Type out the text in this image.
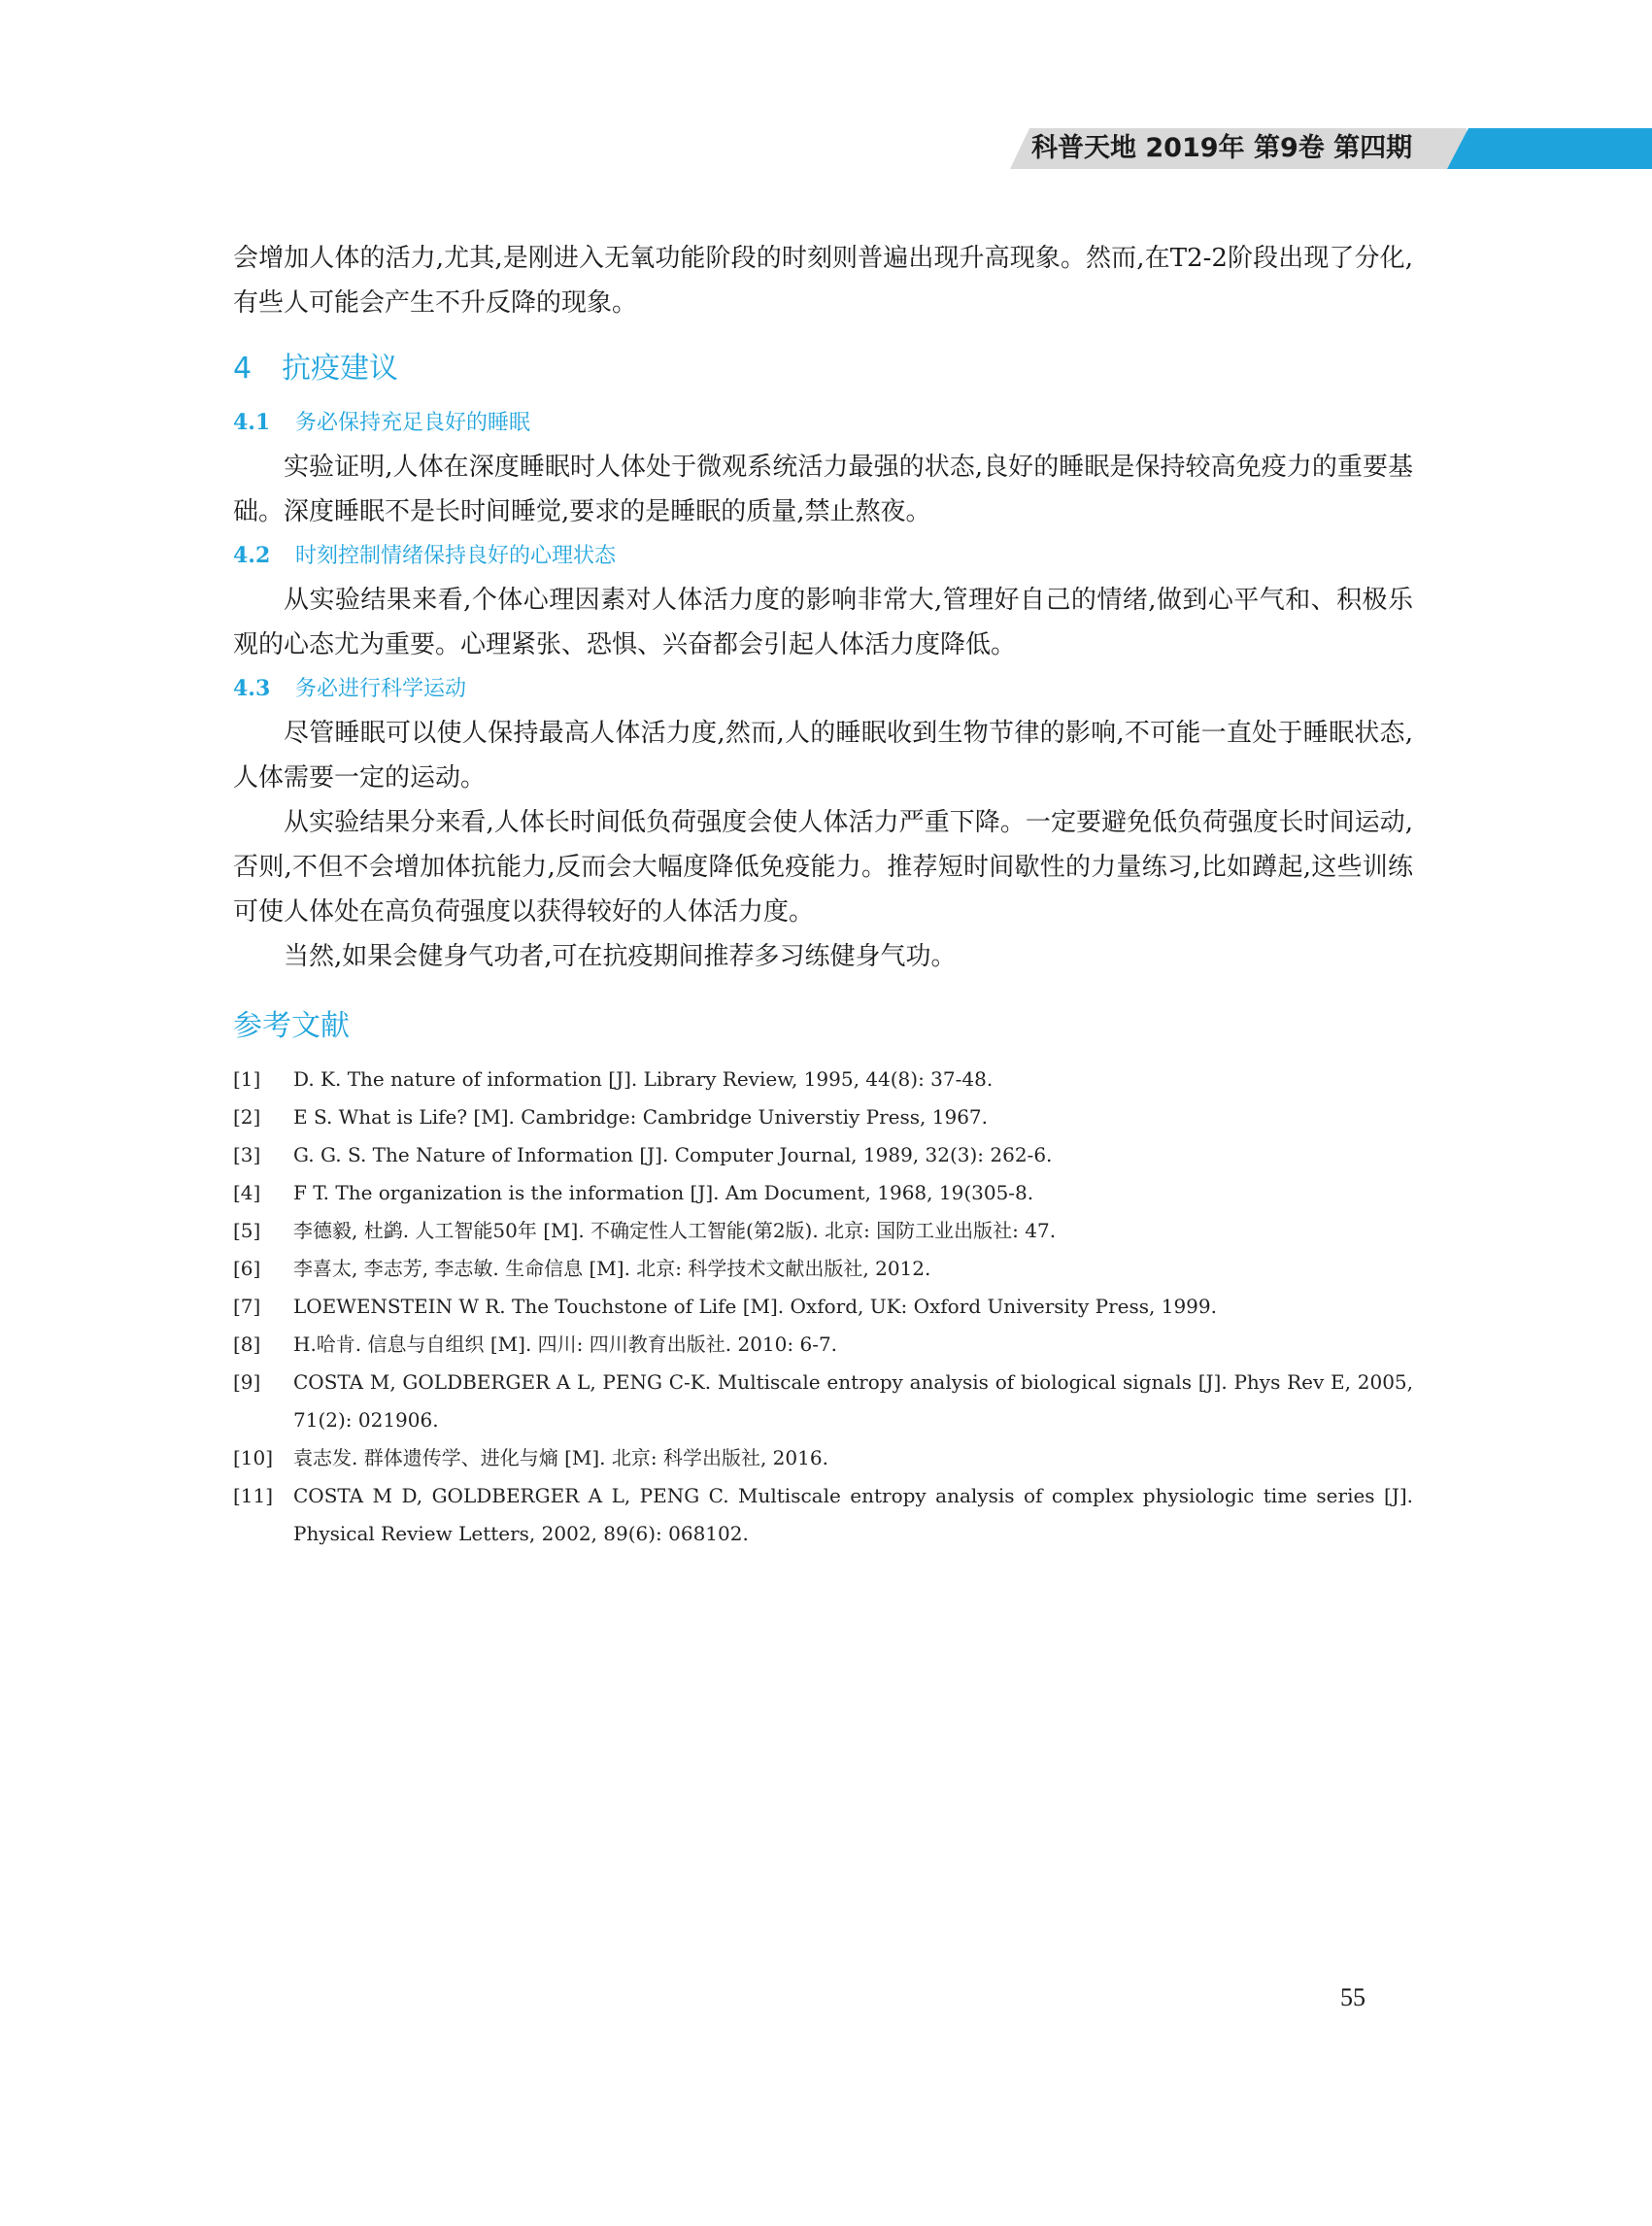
科普天地 2019年 第9卷 第四期

会增加人体的活力,尤其,是刚进入无氧功能阶段的时刻则普遍出现升高现象。然而,在T2-2阶段出现了分化,有些人可能会产生不升反降的现象。

4 抗疫建议
4.1 务必保持充足良好的睡眠

实验证明,人体在深度睡眠时人体处于微观系统活力最强的状态,良好的睡眠是保持较高免疫力的重要基础。深度睡眠不是长时间睡觉,要求的是睡眠的质量,禁止熬夜。

4.2 时刻控制情绪保持良好的心理状态

从实验结果来看,个体心理因素对人体活力度的影响非常大,管理好自己的情绪,做到心平气和、积极乐观的心态尤为重要。心理紧张、恐惧、兴奋都会引起人体活力度降低。

4.3 务必进行科学运动

尽管睡眠可以使人保持最高人体活力度,然而,人的睡眠收到生物节律的影响,不可能一直处于睡眠状态,人体需要一定的运动。

从实验结果分来看,人体长时间低负荷强度会使人体活力严重下降。一定要避免低负荷强度长时间运动,否则,不但不会增加体抗能力,反而会大幅度降低免疫能力。推荐短时间歇性的力量练习,比如蹲起,这些训练可使人体处在高负荷强度以获得较好的人体活力度。

当然,如果会健身气功者,可在抗疫期间推荐多习练健身气功。

参考文献
[1]	D. K. The nature of information [J]. Library Review, 1995, 44(8): 37-48.
[2]	E S. What is Life? [M]. Cambridge: Cambridge Universtiy Press, 1967.
[3]	G. G. S. The Nature of Information [J]. Computer Journal, 1989, 32(3): 262-6.
[4]	F T. The organization is the information [J]. Am Document, 1968, 19(305-8.
[5]	李德毅, 杜鹢. 人工智能50年 [M]. 不确定性人工智能(第2版). 北京: 国防工业出版社: 47.
[6]	李喜太, 李志芳, 李志敏. 生命信息 [M]. 北京: 科学技术文献出版社, 2012.
[7]	LOEWENSTEIN W R. The Touchstone of Life [M]. Oxford, UK: Oxford University Press, 1999.
[8]	H.哈肯. 信息与自组织 [M]. 四川: 四川教育出版社. 2010: 6-7.
[9]	COSTA M, GOLDBERGER A L, PENG C-K. Multiscale entropy analysis of biological signals [J]. Phys Rev E, 2005, 71(2): 021906.
[10]	袁志发. 群体遗传学、进化与熵 [M]. 北京: 科学出版社, 2016.
[11]	COSTA M D, GOLDBERGER A L, PENG C. Multiscale entropy analysis of complex physiologic time series [J]. Physical Review Letters, 2002, 89(6): 068102.
55
